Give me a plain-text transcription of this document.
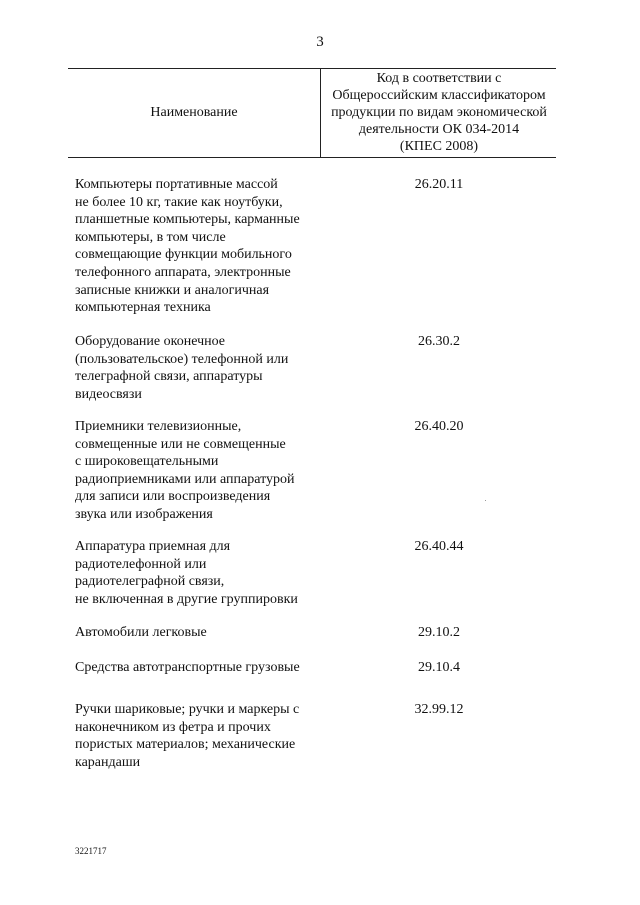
3
Наименование
Код в соответствии с
Общероссийским классификатором
продукции по видам экономической
деятельности ОК 034-2014
(КПЕС 2008)
Компьютеры портативные массой
не более 10 кг, такие как ноутбуки,
планшетные компьютеры, карманные
компьютеры, в том числе
совмещающие функции мобильного
телефонного аппарата, электронные
записные книжки и аналогичная
компьютерная техника
26.20.11
Оборудование оконечное
(пользовательское) телефонной или
телеграфной связи, аппаратуры
видеосвязи
26.30.2
Приемники телевизионные,
совмещенные или не совмещенные
с широковещательными
радиоприемниками или аппаратурой
для записи или воспроизведения
звука или изображения
26.40.20
Аппаратура приемная для
радиотелефонной или
радиотелеграфной связи,
не включенная в другие группировки
26.40.44
Автомобили легковые	29.10.2
Средства автотранспортные грузовые	29.10.4
Ручки шариковые; ручки и маркеры с
наконечником из фетра и прочих
пористых материалов; механические
карандаши
32.99.12
3221717
